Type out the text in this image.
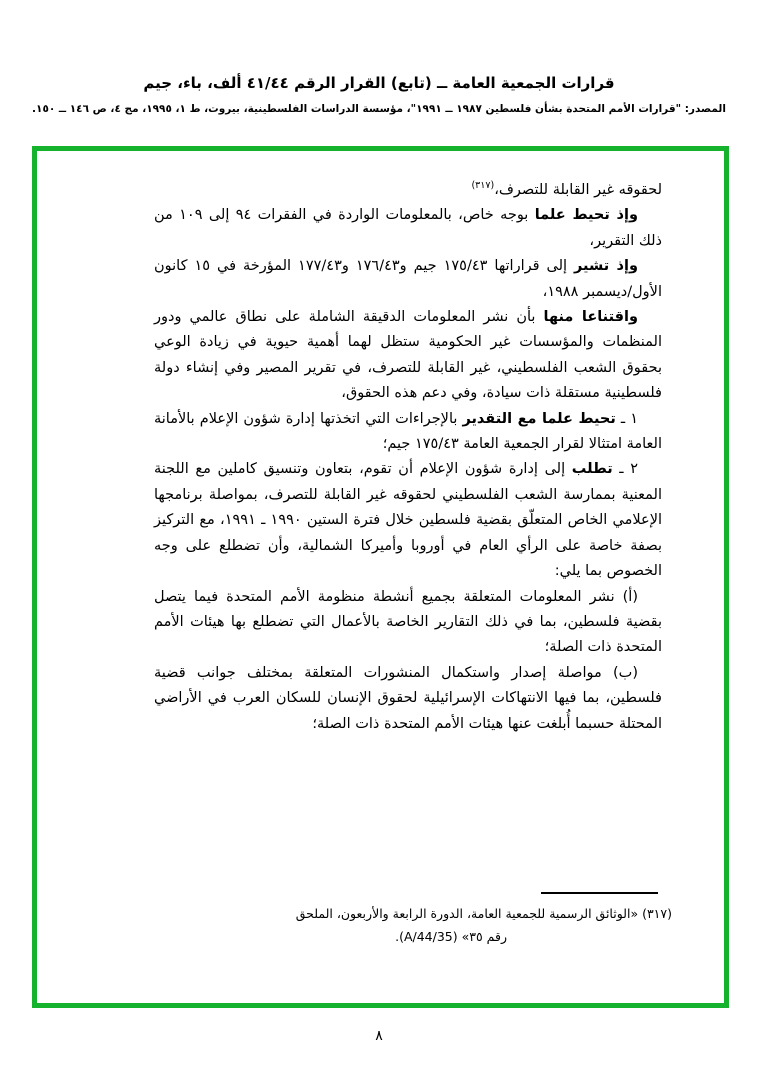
قرارات الجمعية العامة ــ (تابع) القرار الرقم ٤١/٤٤ ألف، باء، جيم
المصدر: "قرارات الأمم المتحدة بشأن فلسطين ١٩٨٧ ــ ١٩٩١"، مؤسسة الدراسات الفلسطينية، بيروت، ط ١، ١٩٩٥، مج ٤، ص ١٤٦ ــ ١٥٠.

لحقوقه غير القابلة للتصرف،$^{(٣١٧)}$

وإذ تحيط علما بوجه خاص، بالمعلومات الواردة في الفقرات ٩٤ إلى ١٠٩ من ذلك التقرير،

وإذ تشير إلى قراراتها ١٧٥/٤٣ جيم و١٧٦/٤٣ و١٧٧/٤٣ المؤرخة في ١٥ كانون الأول/ديسمبر ١٩٨٨،

واقتناعا منها بأن نشر المعلومات الدقيقة الشاملة على نطاق عالمي ودور المنظمات والمؤسسات غير الحكومية ستظل لهما أهمية حيوية في زيادة الوعي بحقوق الشعب الفلسطيني، غير القابلة للتصرف، في تقرير المصير وفي إنشاء دولة فلسطينية مستقلة ذات سيادة، وفي دعم هذه الحقوق،

١ ـ تحيط علما مع التقدير بالإجراءات التي اتخذتها إدارة شؤون الإعلام بالأمانة العامة امتثالا لقرار الجمعية العامة ١٧٥/٤٣ جيم؛

٢ ـ تطلب إلى إدارة شؤون الإعلام أن تقوم، بتعاون وتنسيق كاملين مع اللجنة المعنية بممارسة الشعب الفلسطيني لحقوقه غير القابلة للتصرف، بمواصلة برنامجها الإعلامي الخاص المتعلّق بقضية فلسطين خلال فترة الستين ١٩٩٠ ـ ١٩٩١، مع التركيز بصفة خاصة على الرأي العام في أوروبا وأميركا الشمالية، وأن تضطلع على وجه الخصوص بما يلي:

(أ) نشر المعلومات المتعلقة بجميع أنشطة منظومة الأمم المتحدة فيما يتصل بقضية فلسطين، بما في ذلك التقارير الخاصة بالأعمال التي تضطلع بها هيئات الأمم المتحدة ذات الصلة؛

(ب) مواصلة إصدار واستكمال المنشورات المتعلقة بمختلف جوانب قضية فلسطين، بما فيها الانتهاكات الإسرائيلية لحقوق الإنسان للسكان العرب في الأراضي المحتلة حسبما أُبلغت عنها هيئات الأمم المتحدة ذات الصلة؛

(٣١٧) «الوثائق الرسمية للجمعية العامة، الدورة الرابعة والأربعون، الملحق
رقم ٣٥» (A/44/35).
٨
